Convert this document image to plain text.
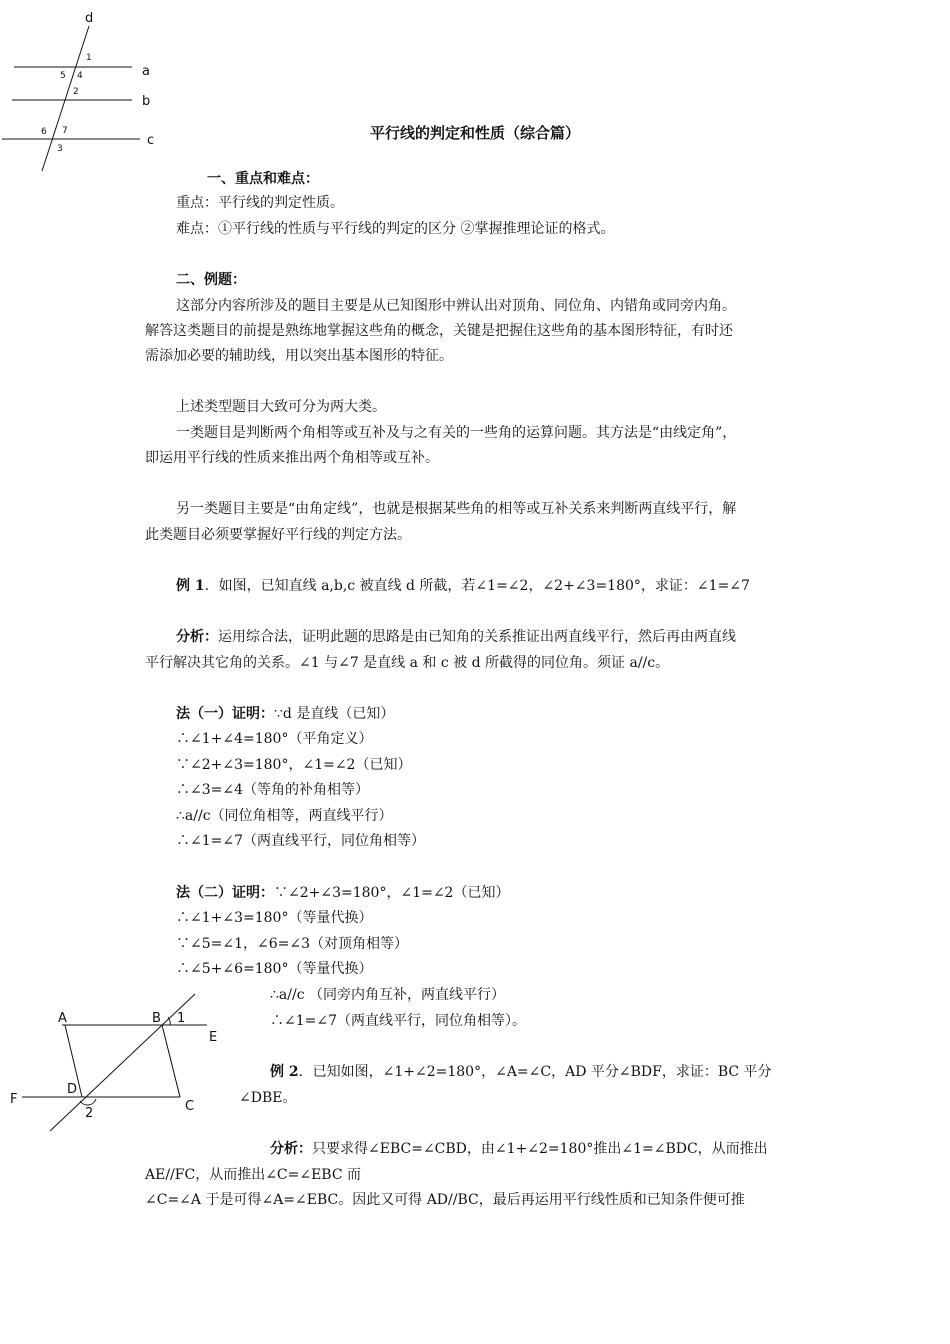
d
a
b
c
1
5 4
2
6 7
3
平行线的判定和性质（综合篇）
一、重点和难点：
重点：平行线的判定性质。
难点：①平行线的性质与平行线的判定的区分 ②掌握推理论证的格式。
二、例题：
这部分内容所涉及的题目主要是从已知图形中辨认出对顶角、同位角、内错角或同旁内角。
解答这类题目的前提是熟练地掌握这些角的概念，关键是把握住这些角的基本图形特征，有时还
需添加必要的辅助线，用以突出基本图形的特征。
上述类型题目大致可分为两大类。
一类题目是判断两个角相等或互补及与之有关的一些角的运算问题。其方法是“由线定角”，
即运用平行线的性质来推出两个角相等或互补。
另一类题目主要是“由角定线”，也就是根据某些角的相等或互补关系来判断两直线平行，解
此类题目必须要掌握好平行线的判定方法。
例 1．如图，已知直线 a,b,c 被直线 d 所截，若∠1=∠2，∠2+∠3=180°，求证：∠1=∠7
分析：运用综合法，证明此题的思路是由已知角的关系推证出两直线平行，然后再由两直线
平行解决其它角的关系。∠1 与∠7 是直线 a 和 c 被 d 所截得的同位角。须证 a//c。
法（一）证明：∵d 是直线（已知）
∴∠1+∠4=180°（平角定义）
∵∠2+∠3=180°，∠1=∠2（已知）
∴∠3=∠4（等角的补角相等）
∴a//c（同位角相等，两直线平行）
∴∠1=∠7（两直线平行，同位角相等）
法（二）证明：∵∠2+∠3=180°，∠1=∠2（已知）
∴∠1+∠3=180°（等量代换）
∵∠5=∠1，∠6=∠3（对顶角相等）
∴∠5+∠6=180°（等量代换）
∴a//c （同旁内角互补，两直线平行）
∴∠1=∠7（两直线平行，同位角相等）。
A	B 1
E
D
F	C
2
例 2．已知如图，∠1+∠2=180°，∠A=∠C，AD 平分∠BDF，求证：BC 平分
∠DBE。
分析：只要求得∠EBC=∠CBD，由∠1+∠2=180°推出∠1=∠BDC，从而推出
AE//FC，从而推出∠C=∠EBC 而
∠C=∠A 于是可得∠A=∠EBC。因此又可得 AD//BC，最后再运用平行线性质和已知条件便可推
